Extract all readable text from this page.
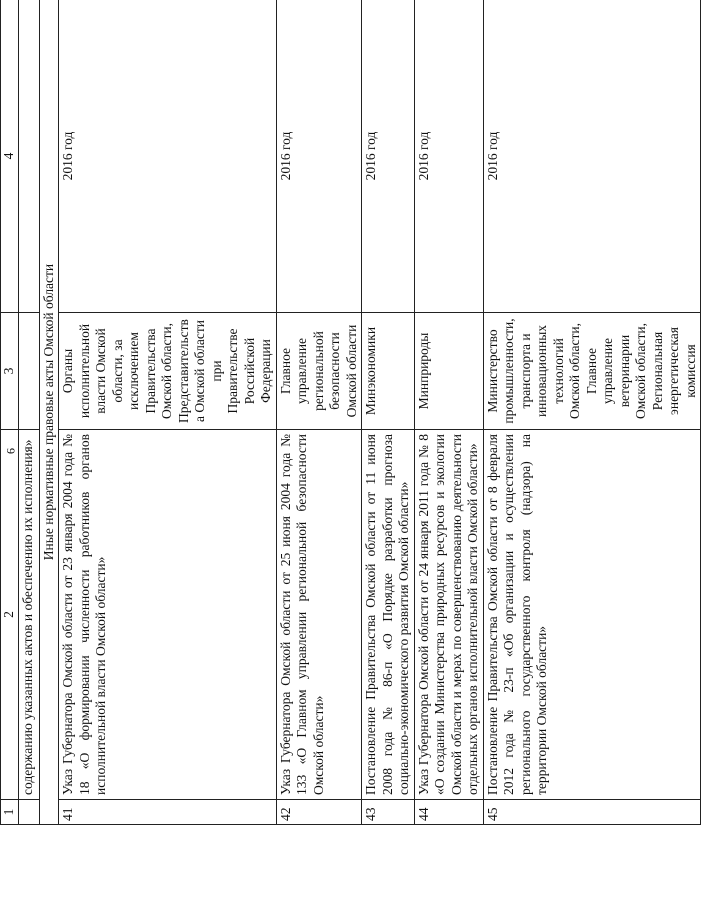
9
1	2	3	4
	содержанию указанных актов и обеспечению их исполнения»		
Иные нормативные правовые акты Омской области			
41	Указ Губернатора Омской области от 23 января 2004 года № 18 «О формировании численности работников органов исполнительной власти Омской области»	Органы исполнительной власти Омской области, за исключением Правительства Омской области, Представительства Омской области при Правительстве Российской Федерации	2016 год
42	Указ Губернатора Омской области от 25 июня 2004 года № 133 «О Главном управлении региональной безопасности Омской области»	Главное управление региональной безопасности Омской области	2016 год
43	Постановление Правительства Омской области от 11 июня 2008 года № 86-п «О Порядке разработки прогноза социально-экономического развития Омской области»	Минэкономики	2016 год
44	Указ Губернатора Омской области от 24 января 2011 года № 8 «О создании Министерства природных ресурсов и экологии Омской области и мерах по совершенствованию деятельности отдельных органов исполнительной власти Омской области»	Минприроды	2016 год
45	Постановление Правительства Омской области от 8 февраля 2012 года № 23-п «Об организации и осуществлении регионального государственного контроля (надзора) на территории Омской области»	Министерство промышленности, транспорта и инновационных технологий Омской области, Главное управление ветеринарии Омской области, Региональная энергетическая комиссия	2016 год
